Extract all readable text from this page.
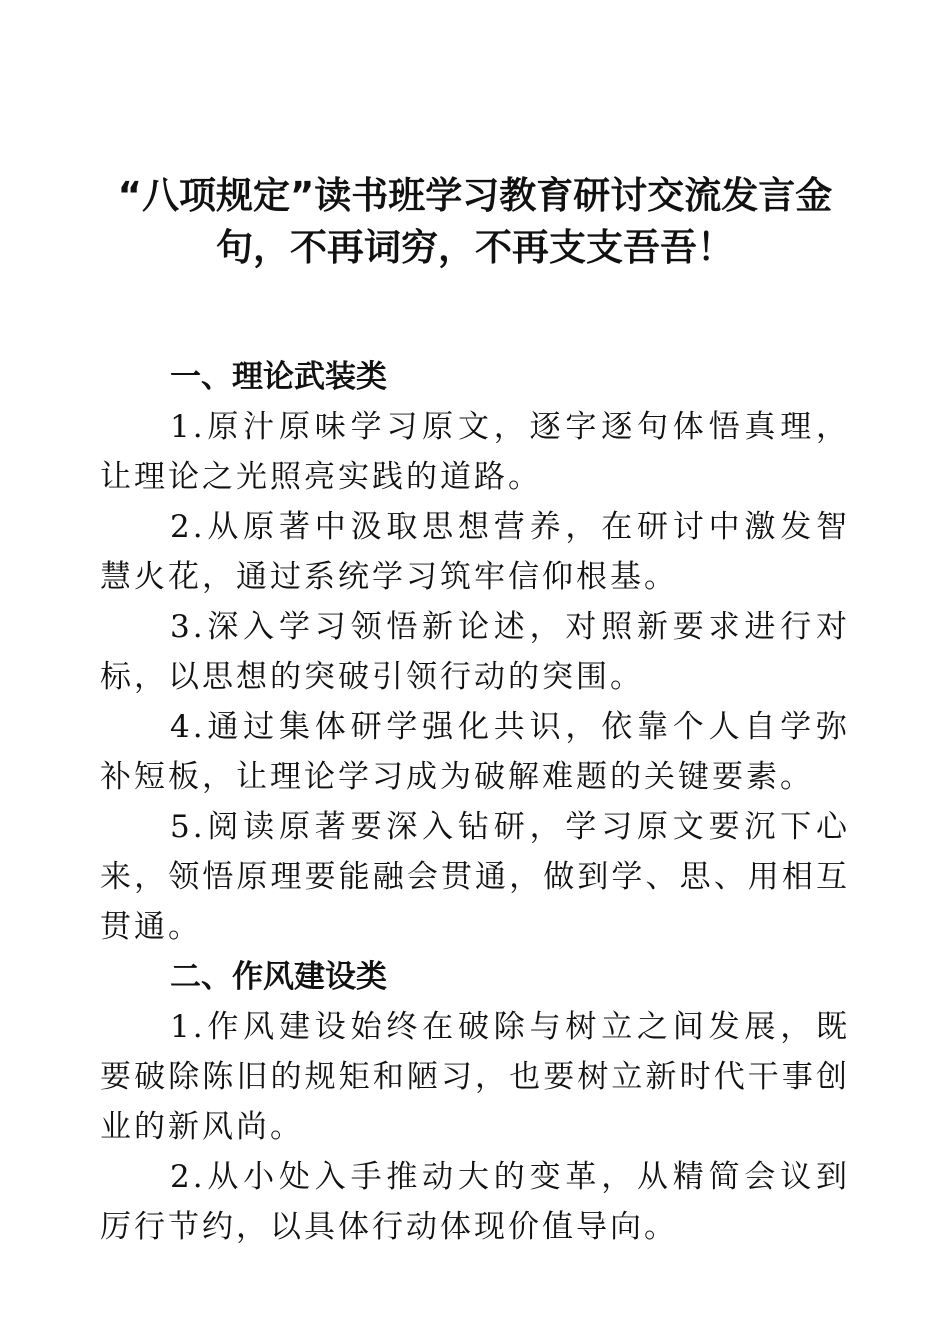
“八项规定”读书班学习教育研讨交流发言金句，不再词穷，不再支支吾吾！

一、理论武装类

1.原汁原味学习原文，逐字逐句体悟真理，让理论之光照亮实践的道路。

2.从原著中汲取思想营养，在研讨中激发智慧火花，通过系统学习筑牢信仰根基。

3.深入学习领悟新论述，对照新要求进行对标，以思想的突破引领行动的突围。

4.通过集体研学强化共识，依靠个人自学弥补短板，让理论学习成为破解难题的关键要素。

5.阅读原著要深入钻研，学习原文要沉下心来，领悟原理要能融会贯通，做到学、思、用相互贯通。

二、作风建设类

1.作风建设始终在破除与树立之间发展，既要破除陈旧的规矩和陋习，也要树立新时代干事创业的新风尚。

2.从小处入手推动大的变革，从精简会议到厉行节约，以具体行动体现价值导向。
